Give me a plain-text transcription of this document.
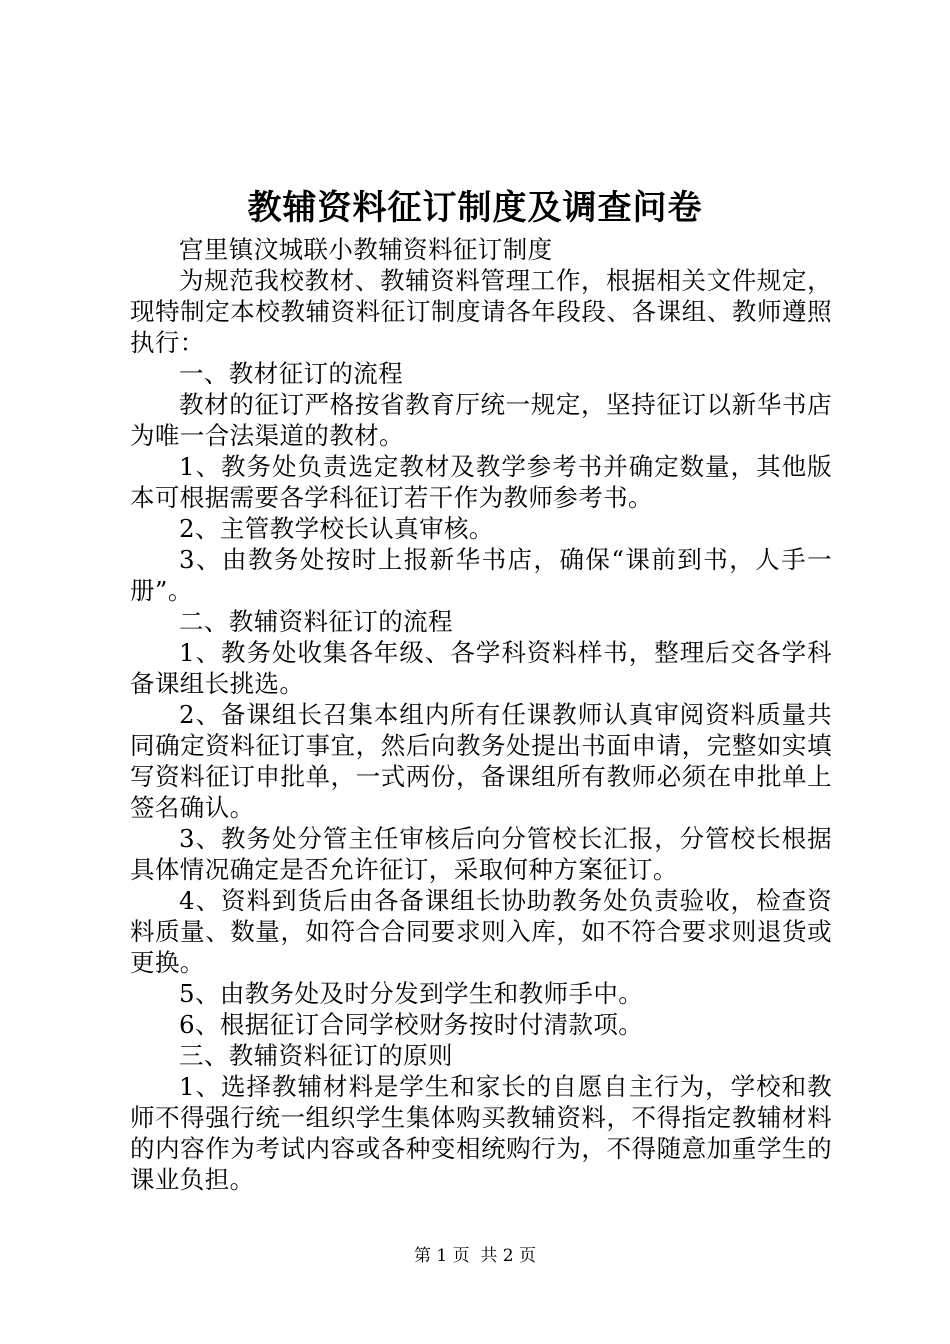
教辅资料征订制度及调查问卷

宫里镇汶城联小教辅资料征订制度

为规范我校教材、教辅资料管理工作，根据相关文件规定，现特制定本校教辅资料征订制度请各年段段、各课组、教师遵照执行：

一、教材征订的流程

教材的征订严格按省教育厅统一规定，坚持征订以新华书店为唯一合法渠道的教材。

1、教务处负责选定教材及教学参考书并确定数量，其他版本可根据需要各学科征订若干作为教师参考书。

2、主管教学校长认真审核。

3、由教务处按时上报新华书店，确保“课前到书，人手一册”。

二、教辅资料征订的流程

1、教务处收集各年级、各学科资料样书，整理后交各学科备课组长挑选。

2、备课组长召集本组内所有任课教师认真审阅资料质量共同确定资料征订事宜，然后向教务处提出书面申请，完整如实填写资料征订申批单，一式两份，备课组所有教师必须在申批单上签名确认。

3、教务处分管主任审核后向分管校长汇报，分管校长根据具体情况确定是否允许征订，采取何种方案征订。

4、资料到货后由各备课组长协助教务处负责验收，检查资料质量、数量，如符合合同要求则入库，如不符合要求则退货或更换。

5、由教务处及时分发到学生和教师手中。

6、根据征订合同学校财务按时付清款项。

三、教辅资料征订的原则

1、选择教辅材料是学生和家长的自愿自主行为，学校和教师不得强行统一组织学生集体购买教辅资料，不得指定教辅材料的内容作为考试内容或各种变相统购行为，不得随意加重学生的课业负担。

第 1 页 共 2 页
